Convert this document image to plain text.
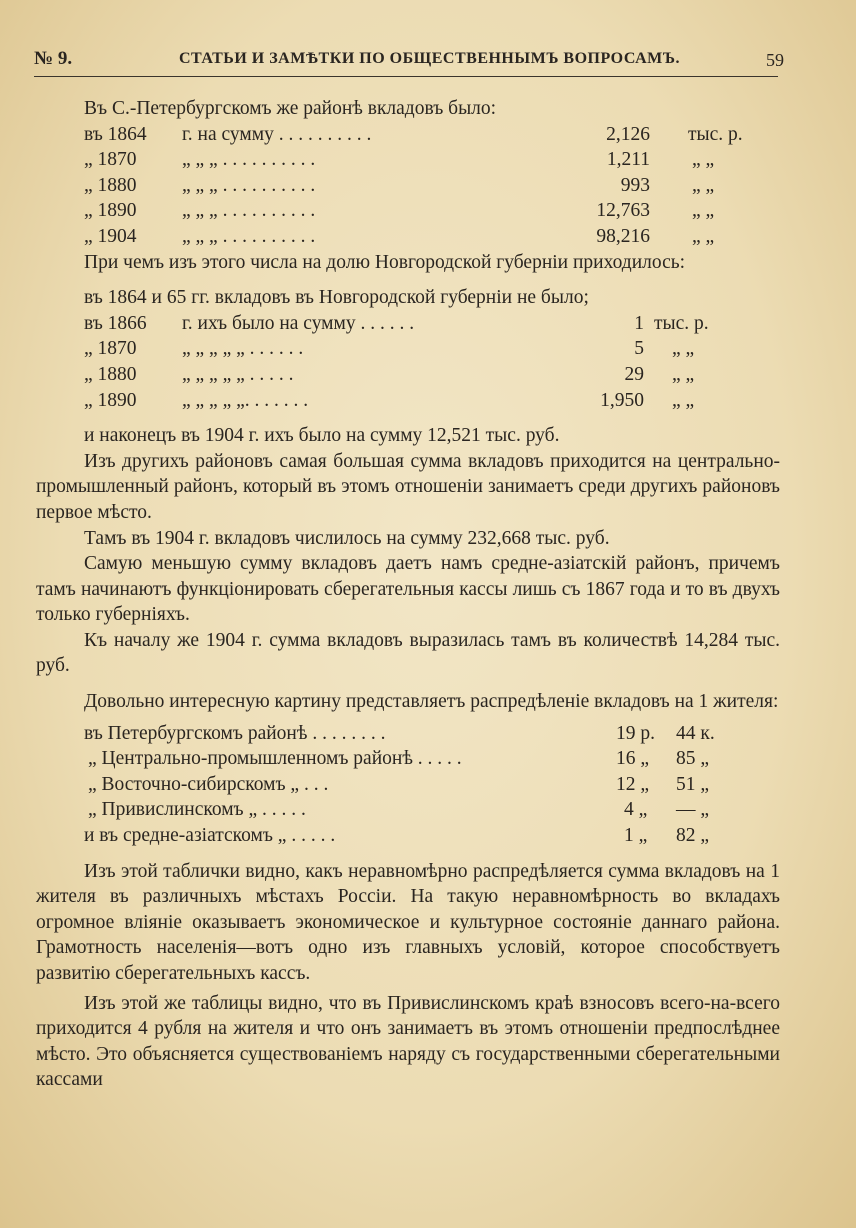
№ 9.	СТАТЬИ И ЗАМѢТКИ ПО ОБЩЕСТВЕННЫМЪ ВОПРОСАМЪ.	59
Въ С.-Петербургскомъ же районѣ вкладовъ было:
въ 1864 г. на сумму . . . . . . . . . .	2,126 тыс. р.
„ 1870 „ „ „ . . . . . . . . . .	1,211 „ „
„ 1880 „ „ „ . . . . . . . . . .	993 „ „
„ 1890 „ „ „ . . . . . . . . . .	12,763 „ „
„ 1904 „ „ „ . . . . . . . . . .	98,216 „ „
При чемъ изъ этого числа на долю Новгородской губерніи приходилось:
въ 1864 и 65 гг. вкладовъ въ Новгородской губерніи не было;
въ 1866 г. ихъ было на сумму . . . . . .	1 тыс. р.
„ 1870 „ „ „ „ „ . . . . . .	5 „ „
„ 1880 „ „ „ „ „ . . . . .	29 „ „
„ 1890 „ „ „ „ „. . . . . . .	1,950 „ „
и наконецъ въ 1904 г. ихъ было на сумму 12,521 тыс. руб.
Изъ другихъ районовъ самая большая сумма вкладовъ приходится на центрально-промышленный районъ, который въ этомъ отношеніи занимаетъ среди другихъ районовъ первое мѣсто.
Тамъ въ 1904 г. вкладовъ числилось на сумму 232,668 тыс. руб.
Самую меньшую сумму вкладовъ даетъ намъ средне-азіатскій районъ, причемъ тамъ начинаютъ функціонировать сберегательныя кассы лишь съ 1867 года и то въ двухъ только губерніяхъ.
Къ началу же 1904 г. сумма вкладовъ выразилась тамъ въ количествѣ 14,284 тыс. руб.
Довольно интересную картину представляетъ распредѣленіе вкладовъ на 1 жителя:
въ Петербургскомъ районѣ . . . . . . . .	19 р. 44 к.
„ Центрально-промышленномъ районѣ . . . . .	16 „ 85 „
„ Восточно-сибирскомъ „ . . .	12 „ 51 „
„ Привислинскомъ „ . . . . .	4 „ — „
и въ средне-азіатскомъ „ . . . . .	1 „ 82 „
Изъ этой таблички видно, какъ неравномѣрно распредѣляется сумма вкладовъ на 1 жителя въ различныхъ мѣстахъ Россіи. На такую неравномѣрность во вкладахъ огромное вліяніе оказываетъ экономическое и культурное состояніе даннаго района. Грамотность населенія—вотъ одно изъ главныхъ условій, которое способствуетъ развитію сберегательныхъ кассъ.
Изъ этой же таблицы видно, что въ Привислинскомъ краѣ взносовъ всего-на-всего приходится 4 рубля на жителя и что онъ занимаетъ въ этомъ отношеніи предпослѣднее мѣсто. Это объясняется существованіемъ наряду съ государственными сберегательными кассами
